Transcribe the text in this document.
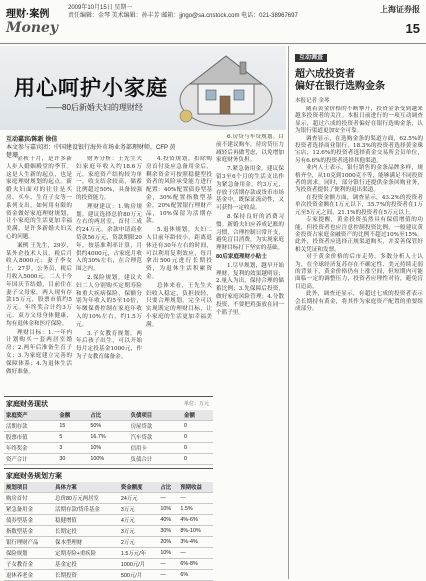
理财·案例
2009年10月15日 星期一
责任编辑：金琴 美术编辑：孙丰芳 邮箱：jjngo@sa.cnstock.com 电话：021-38967697
上海证券报
Money	15
用心呵护小家庭
——80后新婚夫妇的理财经
互动嘉宾/陈新 徐佳
本文参与嘉宾团：中国建设银行海外市场业务部理财师，CFP 黄楚珊

金秋十月，是许多新人步入婚姻殿堂的季节。这是人生新的起点，也是家庭理财规划的起点。新婚夫妇面对的往往是买房、买车、生育子女等一系列支出，如何用有限的资金做好家庭理财规划，让小家庭的生活更加幸福美满，是许多新婚夫妇关心的问题。

案例 王先生，29岁，某外企技术人员，税后月收入8000元；妻子李女士，27岁，公务员，税后月收入5000元。二人于今年国庆节结婚，目前住在妻子父母家。两人现有存款15万元，股票市值约5万元。年终奖合计约3万元。双方父母身体健康，均有退休金和医疗保险。

理财目标：1.一年内计划购买一套两居室婚房；2.两年后准备生育子女；3.为家庭建立完善的保障体系；4.为退休生活做好准备。

财务分析：王先生夫妇家庭年收入约18.6万元，家庭资产结构较为单一，收支结余较高，储蓄比例超过50%，具备较强的投资能力。

理财建议：1.购房规划。建议选择总价80万元左右的两居室，首付三成约24万元，余款申请商业贷款56万元，贷款期限20年，按基准利率计算，月供约4000元，占家庭月收入的30%左右，在合理范围之内。

2.保险规划。建议夫妇二人分别购买定期寿险和重大疾病保险，保额分别为年收入的5至10倍，年缴保费控制在家庭年收入的10%左右，约1.5万元。

3.子女教育规划。两年后孩子出生，可以开始每月定投基金1000元，作为子女教育储备金。

4.投资规划。扣除购房首付及应急备用金后，剩余资金可按照稳健型投资者的风险承受能力进行配置：40%配置债券型基金，30%配置指数型基金，20%配置银行理财产品，10%保留为活期存款。

5.退休规划。夫妇二人目前年龄较小，距离退休还有30年左右的时间，可以利用复利效应，每月拿出500元进行长期投资，为退休生活积累资金。

总体来看，王先生夫妇收入稳定，负担较轻，只要合理规划，完全可以实现既定的理财目标，让小家庭的生活更加幸福美满。

6.房贷与车贷规划。目前不建议购车，待房贷压力减轻后再做考虑，以免增加家庭财务负担。

7.紧急备用金。建议保留3至6个月的生活支出作为紧急备用金，约3万元，存放于活期存款或货币市场基金中，既保证流动性，又可获得一定收益。

8.保持良好的消费习惯。新婚夫妇应养成记账的习惯，合理控制日常开支，避免盲目消费，为实现家庭理财目标打下坚实的基础。

80后家庭理财小贴士

1.尽早规划，越早开始理财，复利的效果越明显；2.量入为出，保持合理的储蓄比例；3.先保障后投资，做好家庭风险管理；4.分散投资，不要把鸡蛋放在同一个篮子里。

家庭财务现状	单位：万元
家庭资产	金额	占比	负债项目	金额
活期存款	15	50%	房屋贷款	0
股票市值	5	16.7%	汽车贷款	0
年终奖金	3	10%	信用卡	0
资产合计	30	100%	负债合计	0
家庭财务规划方案
规划项目	具体方案	资金额度	占比	预期收益
购房首付	总价80万元两居室	24万元	—	—
紧急备用金	活期存款/货币基金	3万元	10%	1.5%
债券型基金	稳健增值	4万元	40%	4%-6%
指数型基金	长期定投	3万元	30%	8%-10%
银行理财产品	保本型理财	2万元	20%	3%-4%
保险规划	定期寿险+重疾险	1.5万元/年	10%	—
子女教育金	基金定投	1000元/月	—	6%-8%
退休养老金	长期投资	500元/月	—	6%
互动调查
超六成投资者
偏好在银行选购金条
本报记者 金琴

随着黄金价格的不断攀升，投资金条受到越来越多投资者的关注。本报日前进行的一项互动调查显示，超过六成的投资者偏好在银行选购金条，认为银行渠道更加安全可靠。

调查显示，在选购金条的渠道方面，62.5%的投资者选择商业银行，18.3%的投资者选择黄金珠宝店，12.6%的投资者选择黄金交易所会员单位，另有6.6%的投资者选择其他渠道。

业内人士表示，银行销售的金条品牌多样，规格齐全，从10克到1000克不等，能够满足不同投资者的需求。同时，部分银行还提供金条回购业务，为投资者提供了便利的退出渠道。

在投资金额方面，调查显示，43.2%的投资者单次投资金额在1万元以下，35.7%的投资者在1万元至5万元之间，21.1%的投资者在5万元以上。

专家提醒，黄金投资虽然具有保值增值的功能，但投资者也应注意控制投资比例，一般建议黄金投资占家庭金融资产的比例不超过10%至15%。此外，投资者应选择正规渠道购买，并妥善保管好相关凭证和发票。

对于黄金价格的后市走势，多数分析人士认为，在全球经济复苏存在不确定性、美元持续走弱的背景下，黄金价格仍有上涨空间，但短期内可能面临一定的调整压力，投资者应理性对待，避免盲目追高。

此外，调查还显示，有超过七成的投资者表示会长期持有黄金，将其作为家庭资产配置的重要组成部分。
